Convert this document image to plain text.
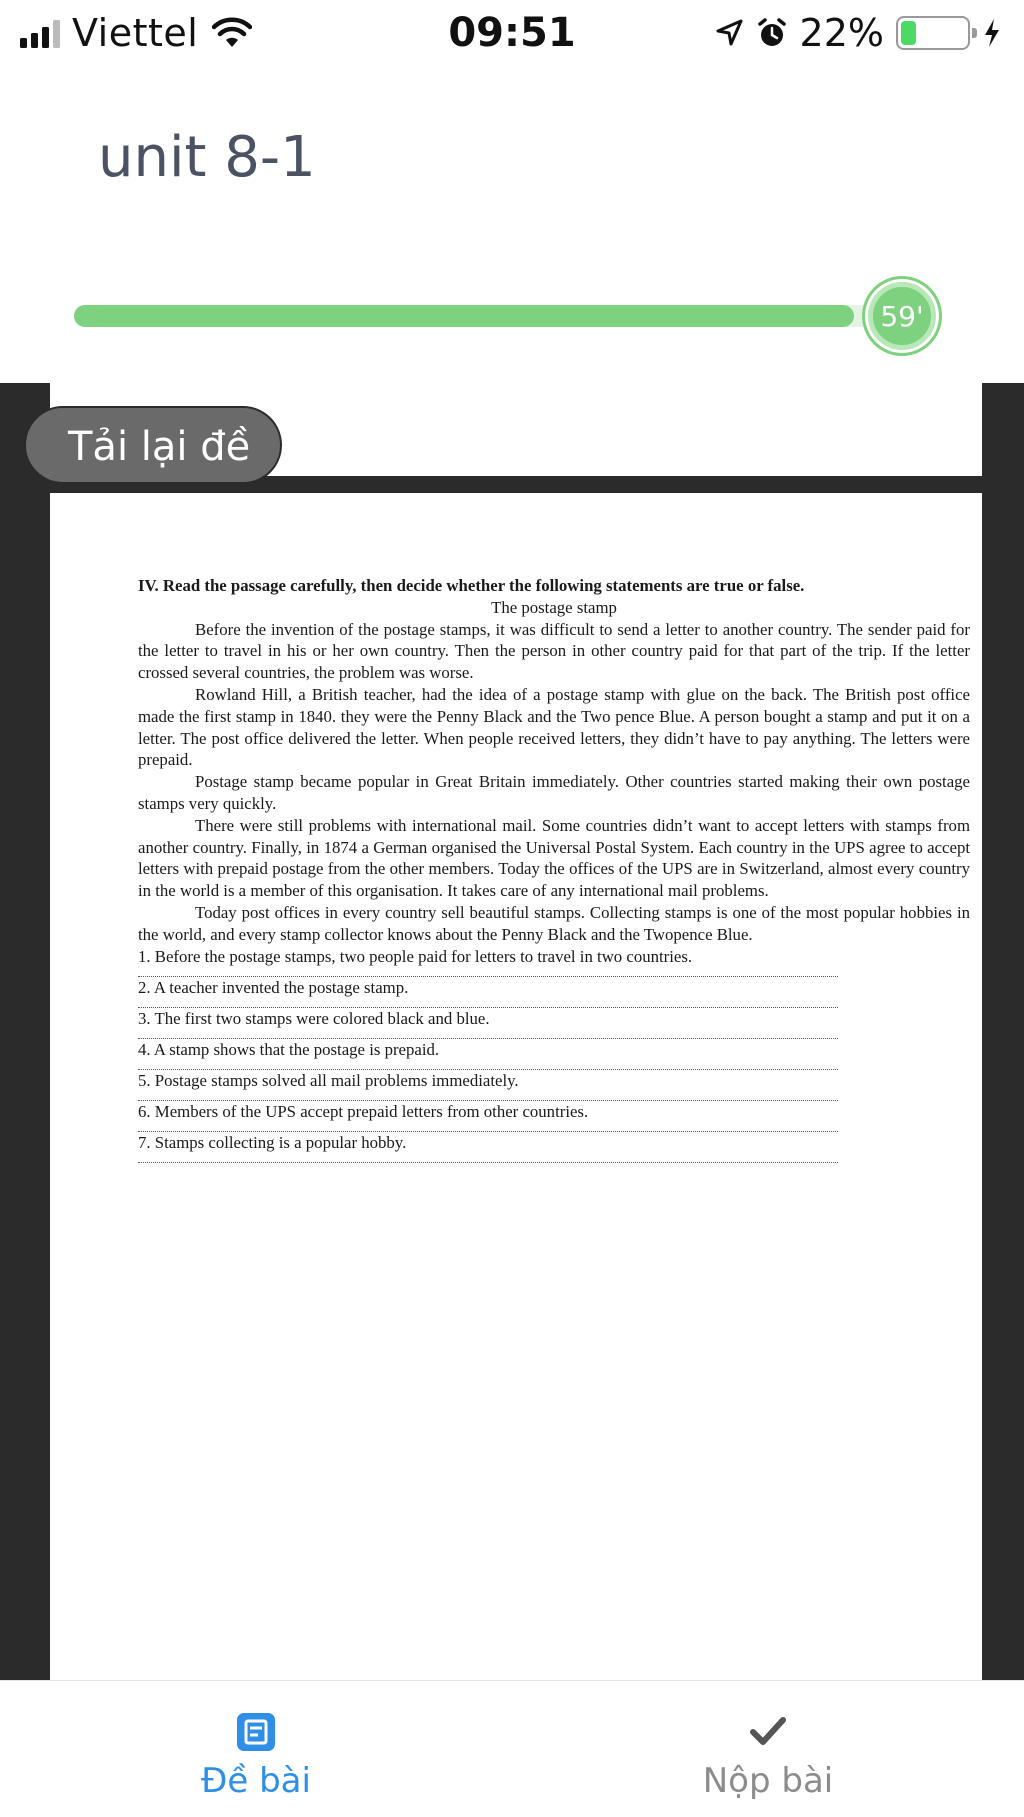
Viettel	09:51	22%
unit 8-1
59'
IV. Read the passage carefully, then decide whether the following statements are true or false.
The postage stamp

Before the invention of the postage stamps, it was difficult to send a letter to another country. The sender paid for the letter to travel in his or her own country. Then the person in other country paid for that part of the trip. If the letter crossed several countries, the problem was worse.

Rowland Hill, a British teacher, had the idea of a postage stamp with glue on the back. The British post office made the first stamp in 1840. they were the Penny Black and the Two pence Blue. A person bought a stamp and put it on a letter. The post office delivered the letter. When people received letters, they didn’t have to pay anything. The letters were prepaid.

Postage stamp became popular in Great Britain immediately. Other countries started making their own postage stamps very quickly.

There were still problems with international mail. Some countries didn’t want to accept letters with stamps from another country. Finally, in 1874 a German organised the Universal Postal System. Each country in the UPS agree to accept letters with prepaid postage from the other members. Today the offices of the UPS are in Switzerland, almost every country in the world is a member of this organisation. It takes care of any international mail problems.

Today post offices in every country sell beautiful stamps. Collecting stamps is one of the most popular hobbies in the world, and every stamp collector knows about the Penny Black and the Twopence Blue.

1. Before the postage stamps, two people paid for letters to travel in two countries.
2. A teacher invented the postage stamp.
3. The first two stamps were colored black and blue.
4. A stamp shows that the postage is prepaid.
5. Postage stamps solved all mail problems immediately.
6. Members of the UPS accept prepaid letters from other countries.
7. Stamps collecting is a popular hobby.
Tải lại đề
Đề bài	Nộp bài
